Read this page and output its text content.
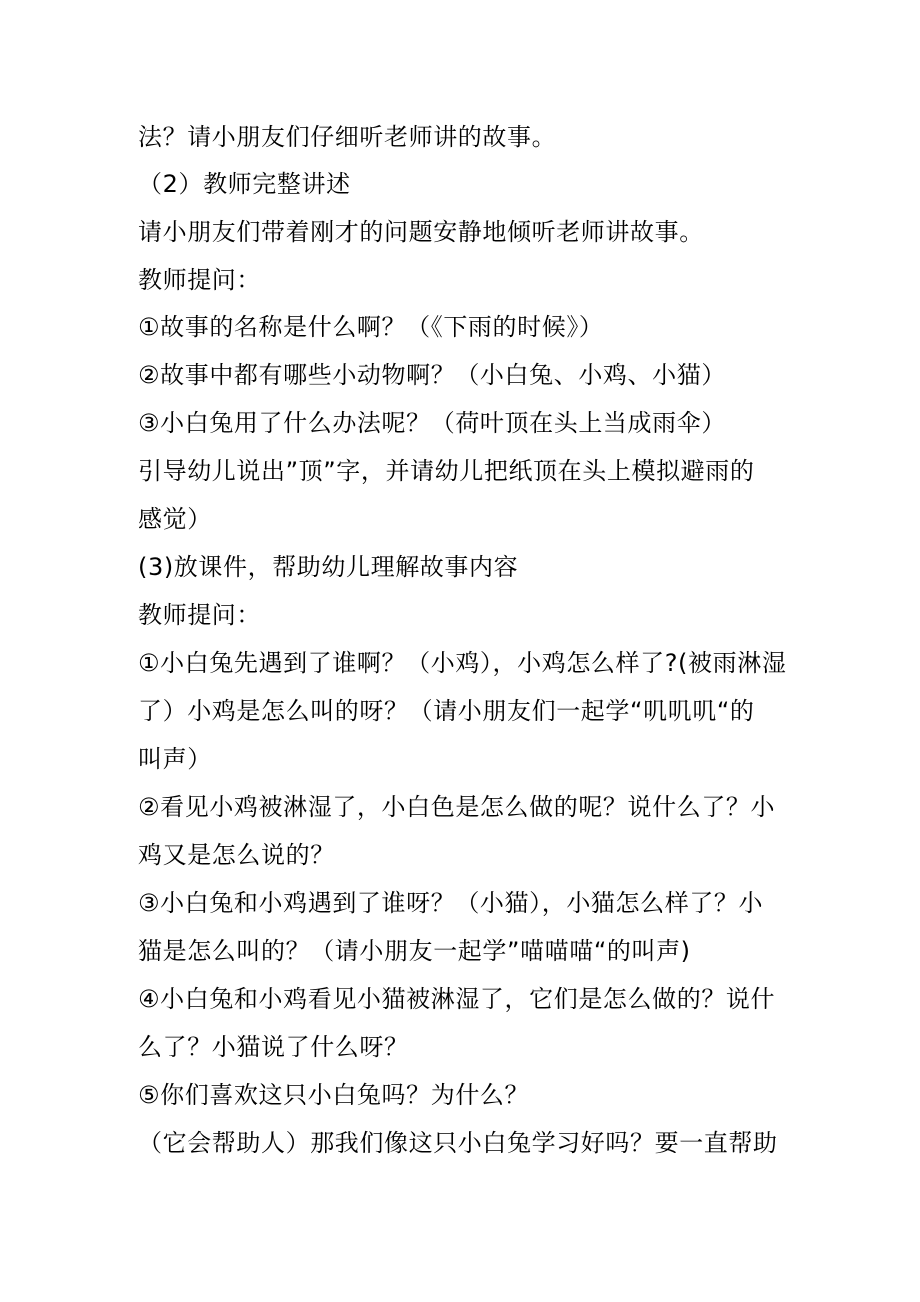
法？请小朋友们仔细听老师讲的故事。
（2）教师完整讲述
请小朋友们带着刚才的问题安静地倾听老师讲故事。
教师提问：
①故事的名称是什么啊？（《下雨的时候》）
②故事中都有哪些小动物啊？（小白兔、小鸡、小猫）
③小白兔用了什么办法呢？（荷叶顶在头上当成雨伞）
引导幼儿说出”顶”字，并请幼儿把纸顶在头上模拟避雨的
感觉）
(3)放课件，帮助幼儿理解故事内容
教师提问：
①小白兔先遇到了谁啊？（小鸡），小鸡怎么样了?(被雨淋湿
了）小鸡是怎么叫的呀？（请小朋友们一起学“叽叽叽“的
叫声）
②看见小鸡被淋湿了，小白色是怎么做的呢？说什么了？小
鸡又是怎么说的？
③小白兔和小鸡遇到了谁呀？（小猫），小猫怎么样了？小
猫是怎么叫的？（请小朋友一起学”喵喵喵“的叫声)
④小白兔和小鸡看见小猫被淋湿了，它们是怎么做的？说什
么了？小猫说了什么呀？
⑤你们喜欢这只小白兔吗？为什么？
（它会帮助人）那我们像这只小白兔学习好吗？要一直帮助
